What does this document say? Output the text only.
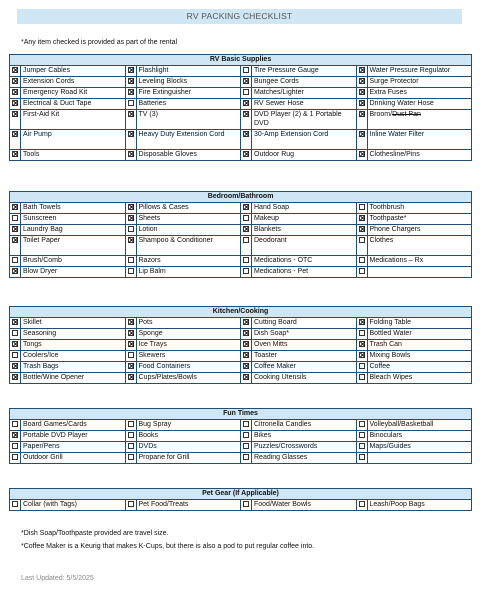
RV PACKING CHECKLIST
*Any item checked is provided as part of the rental
RV Basic Supplies							
	Jumper Cables		Flashlight		Tire Pressure Gauge		Water Pressure Regulator
	Extension Cords		Leveling Blocks		Bungee Cords		Surge Protector
	Emergency Road Kit		Fire Extinguisher		Matches/Lighter		Extra Fuses
	Electrical & Duct Tape		Batteries		RV Sewer Hose		Drinking Water Hose
	First-Aid Kit		TV (3)		DVD Player (2) & 1 Portable DVD		Broom/Dust Pan
	Air Pump		Heavy Duty Extension Cord		30-Amp Extension Cord		Inline Water Filter
	Tools		Disposable Gloves		Outdoor Rug		Clothesline/Pins
Bedroom/Bathroom							
	Bath Towels		Pillows & Cases		Hand Soap		Toothbrush
	Sunscreen		Sheets		Makeup		Toothpaste*
	Laundry Bag		Lotion		Blankets		Phone Chargers
	Toilet Paper		Shampoo & Conditioner		Deodorant		Clothes
	Brush/Comb		Razors		Medications - OTC		Medications – Rx
	Blow Dryer		Lip Balm		Medications - Pet		
Kitchen/Cooking							
	Skillet		Pots		Cutting Board		Folding Table
	Seasoning		Sponge		Dish Soap*		Bottled Water
	Tongs		Ice Trays		Oven Mitts		Trash Can
	Coolers/Ice		Skewers		Toaster		Mixing Bowls
	Trash Bags		Food Containers		Coffee Maker		Coffee
	Bottle/Wine Opener		Cups/Plates/Bowls		Cooking Utensils		Bleach Wipes
Fun Times							
	Board Games/Cards		Bug Spray		Citronella Candles		Volleyball/Basketball
	Portable DVD Player		Books		Bikes		Binoculars
	Paper/Pens		DVDs		Puzzles/Crosswords		Maps/Guides
	Outdoor Grill		Propane for Grill		Reading Glasses		
Pet Gear (If Applicable)
	Collar (with Tags)		Pet Food/Treats		Food/Water Bowls		Leash/Poop Bags
*Dish Soap/Toothpaste provided are travel size.
*Coffee Maker is a Keurig that makes K-Cups, but there is also a pod to put regular coffee into.
Last Updated: 5/5/2025
